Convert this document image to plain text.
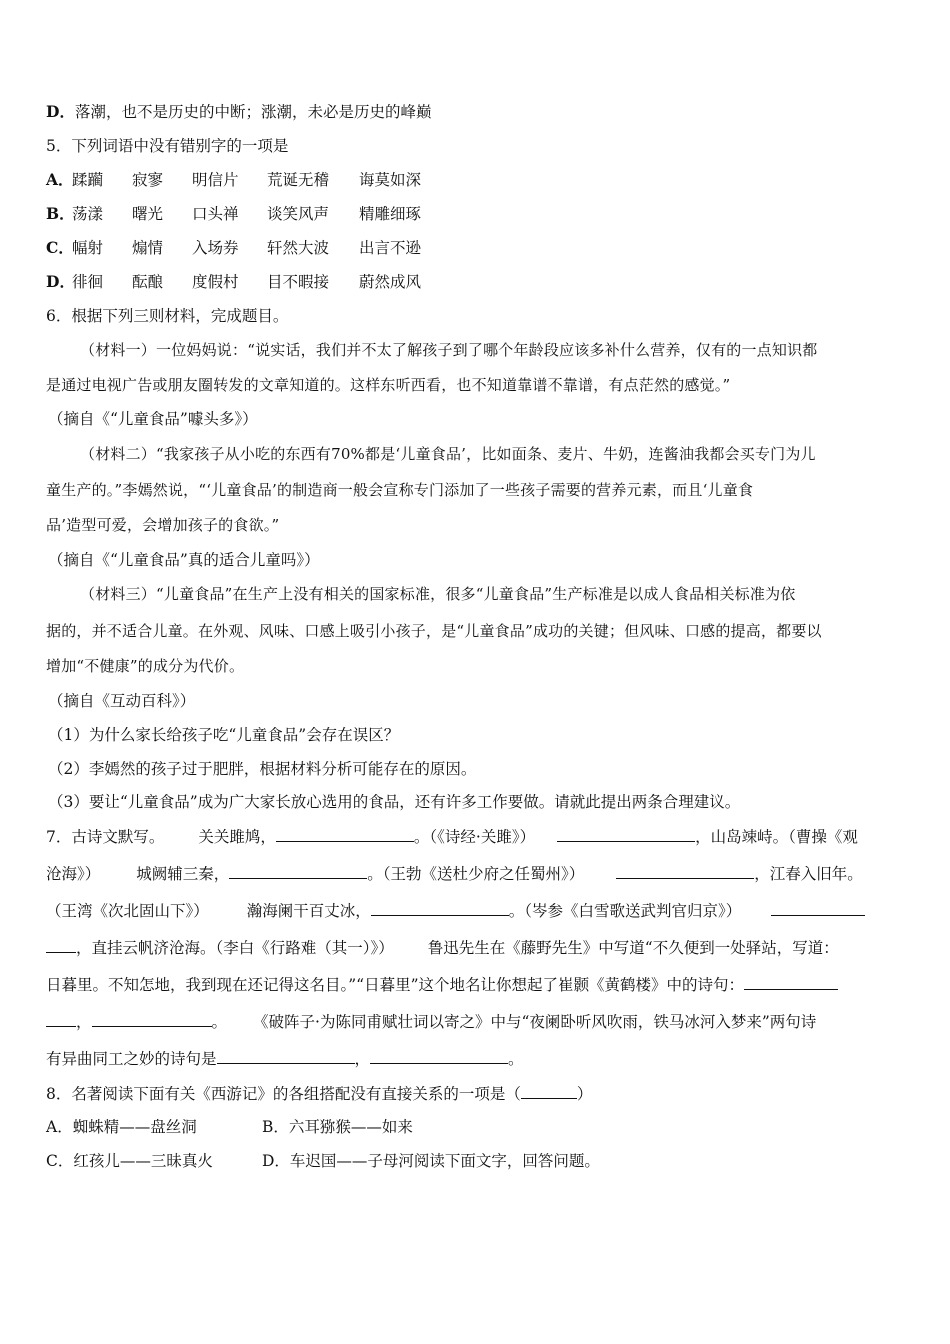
D．落潮，也不是历史的中断；涨潮，未必是历史的峰巅
5．下列词语中没有错别字的一项是
A．蹂躏 寂寥 明信片 荒诞无稽 诲莫如深
B．荡漾 曙光 口头禅 谈笑风声 精雕细琢
C．幅射 煽情 入场券 轩然大波 出言不逊
D．徘徊 酝酿 度假村 目不暇接 蔚然成风
6．根据下列三则材料，完成题目。
（材料一）一位妈妈说：“说实话，我们并不太了解孩子到了哪个年龄段应该多补什么营养，仅有的一点知识都
是通过电视广告或朋友圈转发的文章知道的。这样东听西看，也不知道靠谱不靠谱，有点茫然的感觉。”
（摘自《“儿童食品”噱头多》）
（材料二）“我家孩子从小吃的东西有70%都是‘儿童食品’，比如面条、麦片、牛奶，连酱油我都会买专门为儿
童生产的。”李嫣然说，“‘儿童食品’的制造商一般会宣称专门添加了一些孩子需要的营养元素，而且‘儿童食
品’造型可爱，会增加孩子的食欲。”
（摘自《“儿童食品”真的适合儿童吗》）
（材料三）“儿童食品”在生产上没有相关的国家标准，很多“儿童食品”生产标准是以成人食品相关标准为依
据的，并不适合儿童。在外观、风味、口感上吸引小孩子，是“儿童食品”成功的关键；但风味、口感的提高，都要以
增加“不健康”的成分为代价。
（摘自《互动百科》）
（1）为什么家长给孩子吃“儿童食品”会存在误区？
（2）李嫣然的孩子过于肥胖，根据材料分析可能存在的原因。
（3）要让“儿童食品”成为广大家长放心选用的食品，还有许多工作要做。请就此提出两条合理建议。
7．古诗文默写。 关关雎鸠，	。（《诗经·关雎》）	，山岛竦峙。（曹操《观
沧海》） 城阙辅三秦，	。（王勃《送杜少府之任蜀州》）	，江春入旧年。
（王湾《次北固山下》） 瀚海阑干百丈冰，	。（岑参《白雪歌送武判官归京》）
，直挂云帆济沧海。（李白《行路难（其一）》） 鲁迅先生在《藤野先生》中写道“不久便到一处驿站，写道：
日暮里。不知怎地，我到现在还记得这名目。”“日暮里”这个地名让你想起了崔颢《黄鹤楼》中的诗句：
，	。 《破阵子·为陈同甫赋壮词以寄之》中与“夜阑卧听风吹雨，铁马冰河入梦来”两句诗
有异曲同工之妙的诗句是	，	。
8．名著阅读下面有关《西游记》的各组搭配没有直接关系的一项是（	）
A．蜘蛛精——盘丝洞	B．六耳猕猴——如来
C．红孩儿——三昧真火	D．车迟国——子母河阅读下面文字，回答问题。
